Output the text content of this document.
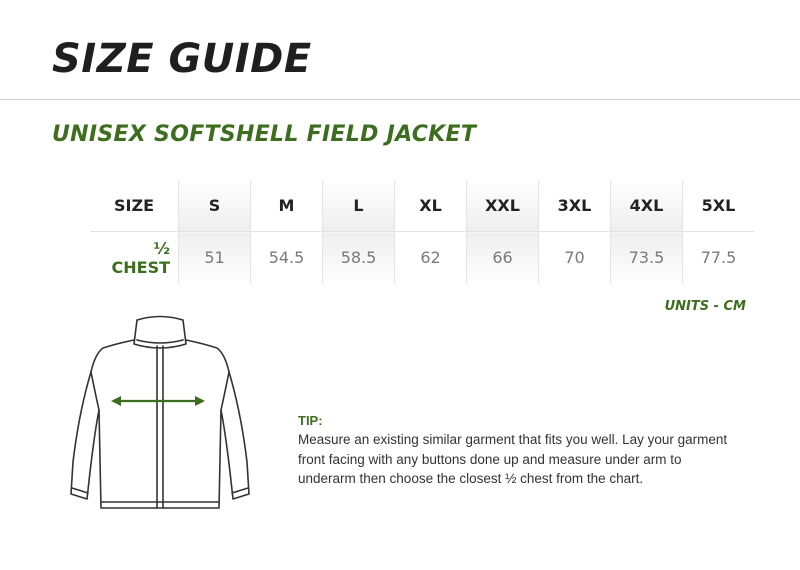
SIZE GUIDE
UNISEX SOFTSHELL FIELD JACKET
SIZE	S	M	L	XL	XXL	3XL	4XL	5XL
½ CHEST	51	54.5	58.5	62	66	70	73.5	77.5
UNITS - CM
TIP:
Measure an existing similar garment that fits you well. Lay your garment front facing with any buttons done up and measure under arm to underarm then choose the closest ½ chest from the chart.
